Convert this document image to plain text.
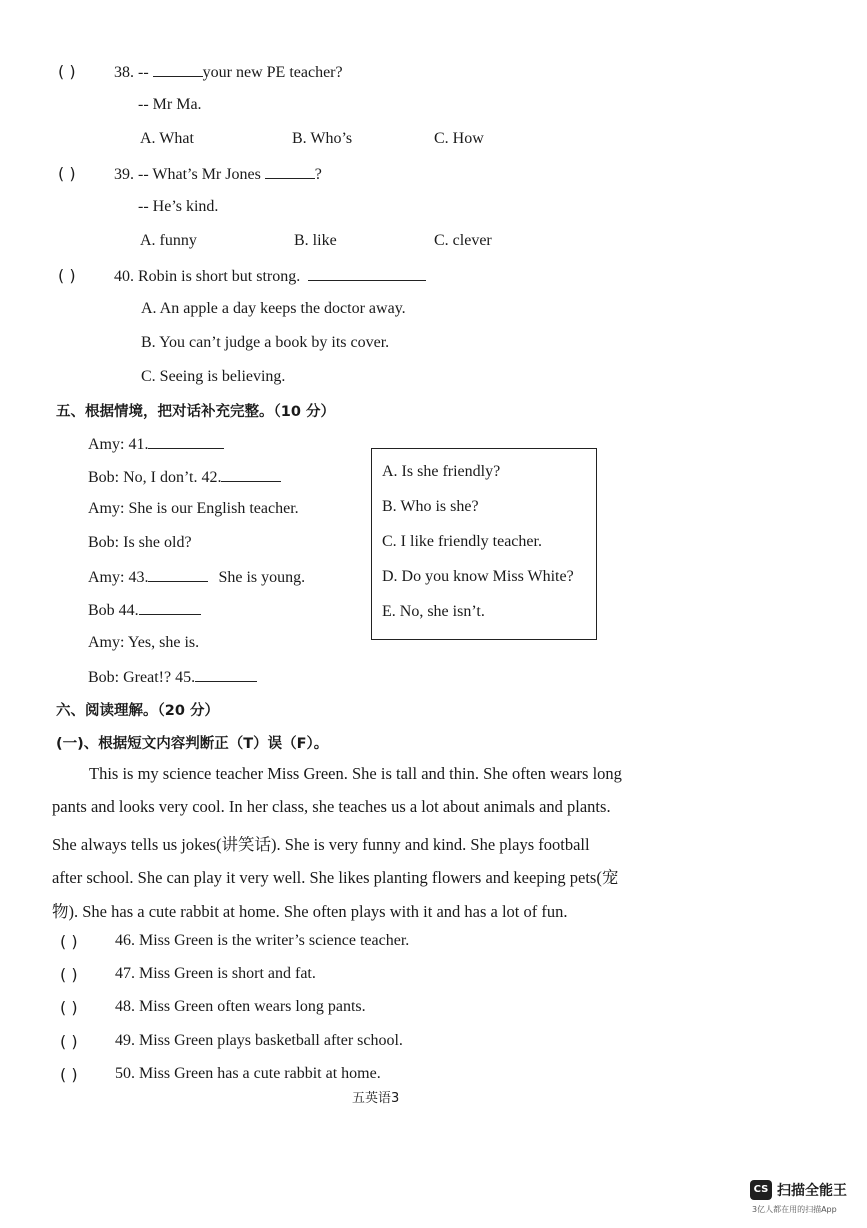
( ) 38. --	your new PE teacher?
-- Mr Ma.
A. What	B. Who’s	C. How
( ) 39. -- What’s Mr Jones	?
-- He’s kind.
A. funny	B. like	C. clever
( ) 40. Robin is short but strong.
A. An apple a day keeps the doctor away.
B. You can’t judge a book by its cover.
C. Seeing is believing.
五、根据情境，把对话补充完整。（10 分）
Amy: 41.
Bob: No, I don’t. 42.
Amy: She is our English teacher.
Bob: Is she old?
Amy: 43.	She is young.
Bob 44.
Amy: Yes, she is.
Bob: Great!? 45.
A. Is she friendly?
B. Who is she?
C. I like friendly teacher.
D. Do you know Miss White?
E. No, she isn’t.
六、阅读理解。（20 分）
(一)、根据短文内容判断正（T）误（F）。
This is my science teacher Miss Green. She is tall and thin. She often wears long
pants and looks very cool. In her class, she teaches us a lot about animals and plants.
She always tells us jokes(讲笑话). She is very funny and kind. She plays football
after school. She can play it very well. She likes planting flowers and keeping pets(宠
物). She has a cute rabbit at home. She often plays with it and has a lot of fun.
( ) 46. Miss Green is the writer’s science teacher.
( ) 47. Miss Green is short and fat.
( ) 48. Miss Green often wears long pants.
( ) 49. Miss Green plays basketball after school.
( ) 50. Miss Green has a cute rabbit at home.
五英语3
CS 扫描全能王
3亿人都在用的扫描App
